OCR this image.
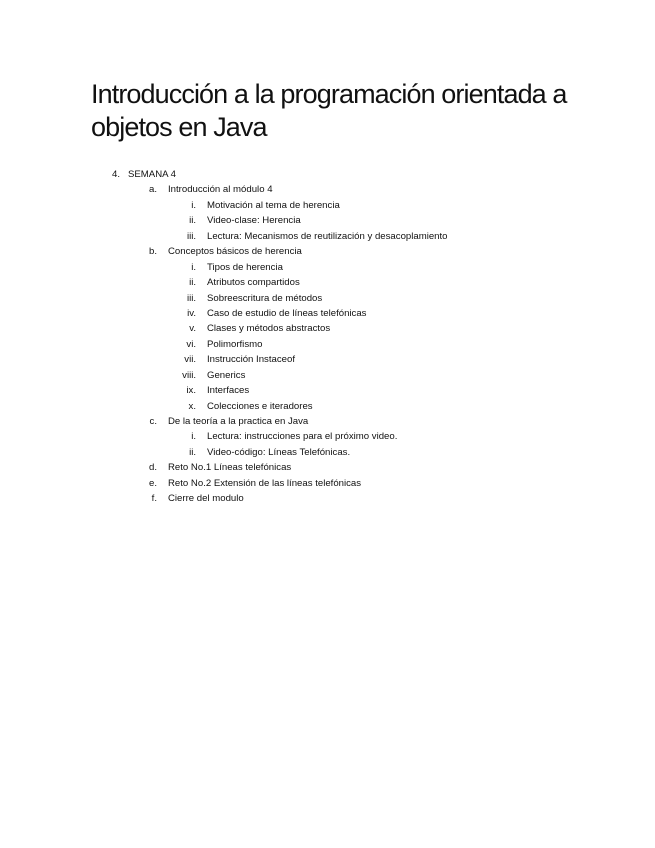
Introducción a la programación orientada a objetos en Java
4. SEMANA 4
a. Introducción al módulo 4
i. Motivación al tema de herencia
ii. Video-clase: Herencia
iii. Lectura: Mecanismos de reutilización y desacoplamiento
b. Conceptos básicos de herencia
i. Tipos de herencia
ii. Atributos compartidos
iii. Sobreescritura de métodos
iv. Caso de estudio de líneas telefónicas
v. Clases y métodos abstractos
vi. Polimorfismo
vii. Instrucción Instaceof
viii. Generics
ix. Interfaces
x. Colecciones e iteradores
c. De la teoría a la practica en Java
i. Lectura: instrucciones para el próximo video.
ii. Video-código: Líneas Telefónicas.
d. Reto No.1 Líneas telefónicas
e. Reto No.2 Extensión de las líneas telefónicas
f. Cierre del modulo
